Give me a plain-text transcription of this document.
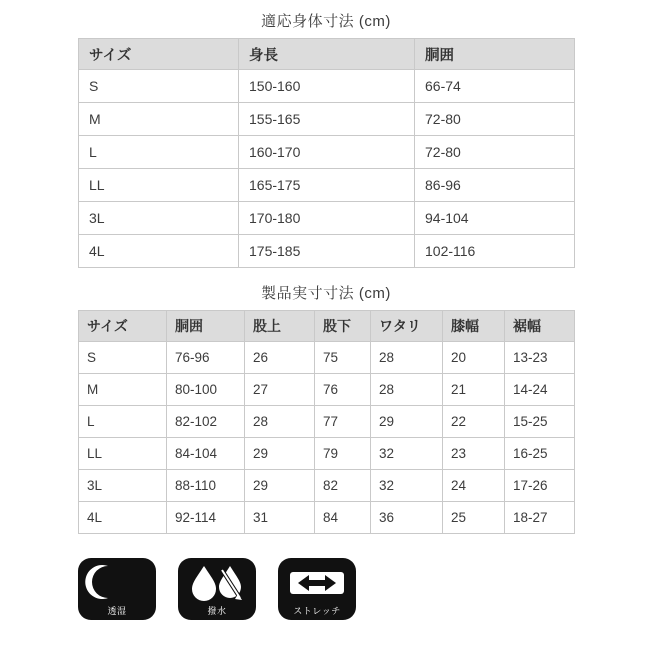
適応身体寸法 (cm)
サイズ	身長	胴囲
S	150-160	66-74
M	155-165	72-80
L	160-170	72-80
LL	165-175	86-96
3L	170-180	94-104
4L	175-185	102-116
製品実寸寸法 (cm)
サイズ	胴囲	股上	股下	ワタリ	膝幅	裾幅
S	76-96	26	75	28	20	13-23
M	80-100	27	76	28	21	14-24
L	82-102	28	77	29	22	15-25
LL	84-104	29	79	32	23	16-25
3L	88-110	29	82	32	24	17-26
4L	92-114	31	84	36	25	18-27
透湿	撥水	ストレッチ
